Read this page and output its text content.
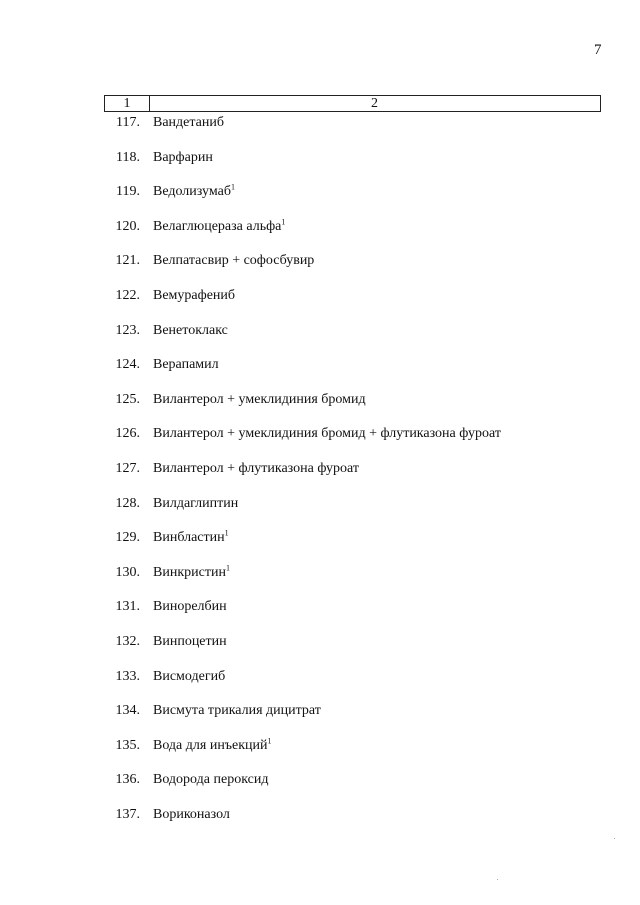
7
1	2
117. Вандетаниб
118. Варфарин
119. Ведолизумаб$^1$
120. Велаглюцераза альфа$^1$
121. Велпатасвир + софосбувир
122. Вемурафениб
123. Венетоклакс
124. Верапамил
125. Вилантерол + умеклидиния бромид
126. Вилантерол + умеклидиния бромид + флутиказона фуроат
127. Вилантерол + флутиказона фуроат
128. Вилдаглиптин
129. Винбластин$^1$
130. Винкристин$^1$
131. Винорелбин
132. Винпоцетин
133. Висмодегиб
134. Висмута трикалия дицитрат
135. Вода для инъекций$^1$
136. Водорода пероксид
137. Вориконазол
